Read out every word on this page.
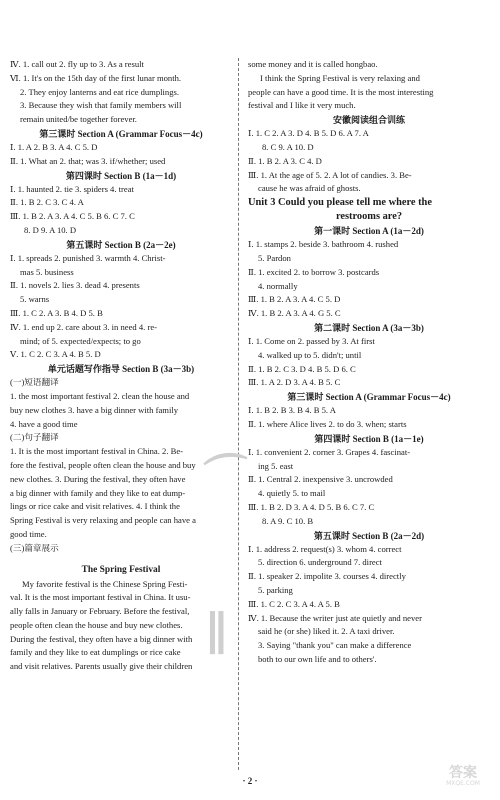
Ⅳ. 1. call out 2. fly up to 3. As a result
Ⅵ. 1. It's on the 15th day of the first lunar month.
2. They enjoy lanterns and eat rice dumplings.
3. Because they wish that family members will
remain united/be together forever.
第三课时 Section A (Grammar Focus－4c)
Ⅰ. 1. A 2. B 3. A 4. C 5. D
Ⅱ. 1. What an 2. that; was 3. if/whether; used
第四课时 Section B (1a－1d)
Ⅰ. 1. haunted 2. tie 3. spiders 4. treat
Ⅱ. 1. B 2. C 3. C 4. A
Ⅲ. 1. B 2. A 3. A 4. C 5. B 6. C 7. C
8. D 9. A 10. D
第五课时 Section B (2a－2e)
Ⅰ. 1. spreads 2. punished 3. warmth 4. Christ-
mas 5. business
Ⅱ. 1. novels 2. lies 3. dead 4. presents
5. warns
Ⅲ. 1. C 2. A 3. B 4. D 5. B
Ⅳ. 1. end up 2. care about 3. in need 4. re-
mind; of 5. expected/expects; to go
Ⅴ. 1. C 2. C 3. A 4. B 5. D
单元话题写作指导 Section B (3a－3b)
(一)短语翻译
1. the most important festival 2. clean the house and
buy new clothes 3. have a big dinner with family
4. have a good time
(二)句子翻译
1. It is the most important festival in China. 2. Be-
fore the festival, people often clean the house and buy
new clothes. 3. During the festival, they often have
a big dinner with family and they like to eat dump-
lings or rice cake and visit relatives. 4. I think the
Spring Festival is very relaxing and people can have a
good time.
(三)篇章展示
The Spring Festival
My favorite festival is the Chinese Spring Festi-
val. It is the most important festival in China. It usu-
ally falls in January or February. Before the festival,
people often clean the house and buy new clothes.
During the festival, they often have a big dinner with
family and they like to eat dumplings or rice cake
and visit relatives. Parents usually give their children
some money and it is called hongbao.
I think the Spring Festival is very relaxing and
people can have a good time. It is the most interesting
festival and I like it very much.
安徽阅读组合训练
Ⅰ. 1. C 2. A 3. D 4. B 5. D 6. A 7. A
8. C 9. A 10. D
Ⅱ. 1. B 2. A 3. C 4. D
Ⅲ. 1. At the age of 5. 2. A lot of candies. 3. Be-
cause he was afraid of ghosts.
Unit 3 Could you please tell me where the
restrooms are?
第一课时 Section A (1a－2d)
Ⅰ. 1. stamps 2. beside 3. bathroom 4. rushed
5. Pardon
Ⅱ. 1. excited 2. to borrow 3. postcards
4. normally
Ⅲ. 1. B 2. A 3. A 4. C 5. D
Ⅳ. 1. B 2. A 3. A 4. G 5. C
第二课时 Section A (3a－3b)
Ⅰ. 1. Come on 2. passed by 3. At first
4. walked up to 5. didn't; until
Ⅱ. 1. B 2. C 3. D 4. B 5. D 6. C
Ⅲ. 1. A 2. D 3. A 4. B 5. C
第三课时 Section A (Grammar Focus－4c)
Ⅰ. 1. B 2. B 3. B 4. B 5. A
Ⅱ. 1. where Alice lives 2. to do 3. when; starts
第四课时 Section B (1a－1e)
Ⅰ. 1. convenient 2. corner 3. Grapes 4. fascinat-
ing 5. east
Ⅱ. 1. Central 2. inexpensive 3. uncrowded
4. quietly 5. to mail
Ⅲ. 1. B 2. D 3. A 4. D 5. B 6. C 7. C
8. A 9. C 10. B
第五课时 Section B (2a－2d)
Ⅰ. 1. address 2. request(s) 3. whom 4. correct
5. direction 6. underground 7. direct
Ⅱ. 1. speaker 2. impolite 3. courses 4. directly
5. parking
Ⅲ. 1. C 2. C 3. A 4. A 5. B
Ⅳ. 1. Because the writer just ate quietly and never
said he (or she) liked it. 2. A taxi driver.
3. Saying "thank you" can make a difference
both to our own life and to others'.
⌒
∥
· 2 ·	答案
MXQE.COM
